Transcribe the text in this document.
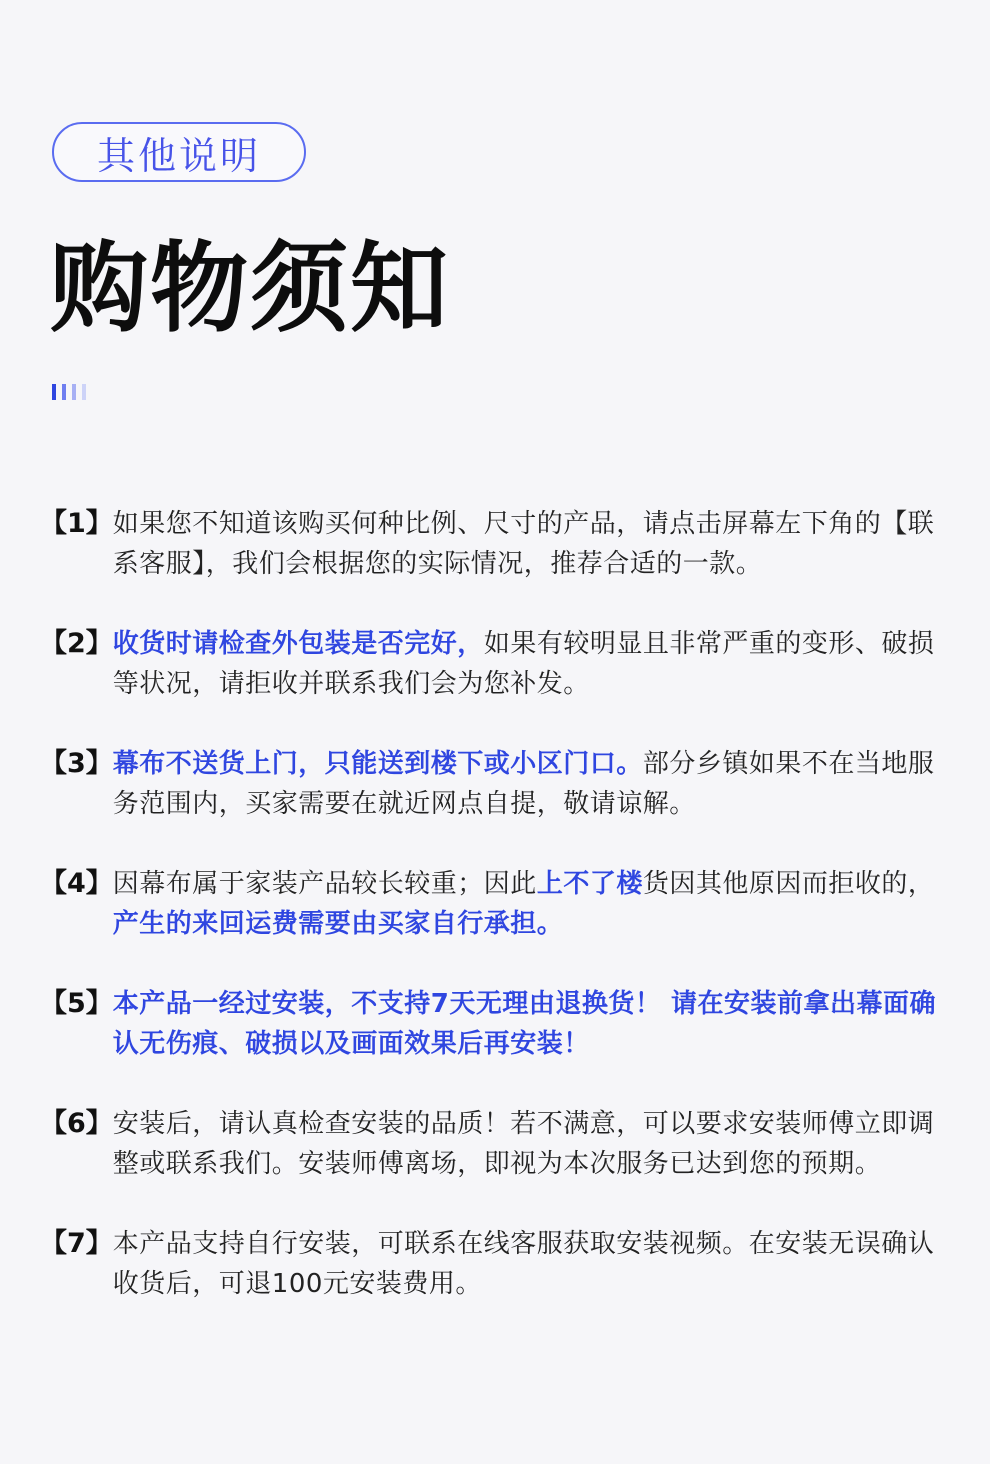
其他说明
购物须知
【1】 如果您不知道该购买何种比例、尺寸的产品，请点击屏幕左下角的【联系客服】，我们会根据您的实际情况，推荐合适的一款。
【2】 收货时请检查外包装是否完好，如果有较明显且非常严重的变形、破损等状况，请拒收并联系我们会为您补发。
【3】 幕布不送货上门，只能送到楼下或小区门口。部分乡镇如果不在当地服务范围内，买家需要在就近网点自提，敬请谅解。
【4】 因幕布属于家装产品较长较重；因此上不了楼货因其他原因而拒收的，产生的来回运费需要由买家自行承担。
【5】 本产品一经过安装，不支持7天无理由退换货！ 请在安装前拿出幕面确认无伤痕、破损以及画面效果后再安装！
【6】 安装后，请认真检查安装的品质！若不满意，可以要求安装师傅立即调整或联系我们。安装师傅离场，即视为本次服务已达到您的预期。
【7】 本产品支持自行安装，可联系在线客服获取安装视频。在安装无误确认收货后，可退100元安装费用。
